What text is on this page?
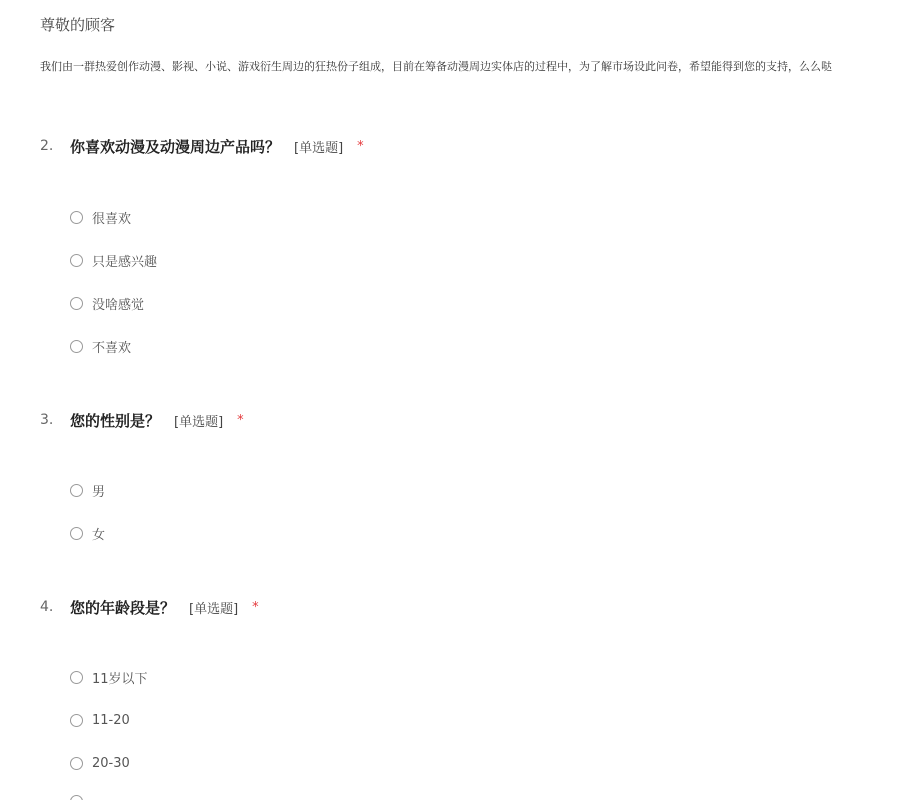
尊敬的顾客
我们由一群热爱创作动漫、影视、小说、游戏衍生周边的狂热份子组成，目前在筹备动漫周边实体店的过程中，为了解市场设此问卷，希望能得到您的支持，么么哒
2.	你喜欢动漫及动漫周边产品吗？ [单选题] *
很喜欢
只是感兴趣
没啥感觉
不喜欢
3.	您的性别是？ [单选题] *
男
女
4.	您的年龄段是？ [单选题] *
11岁以下
11-20
20-30
